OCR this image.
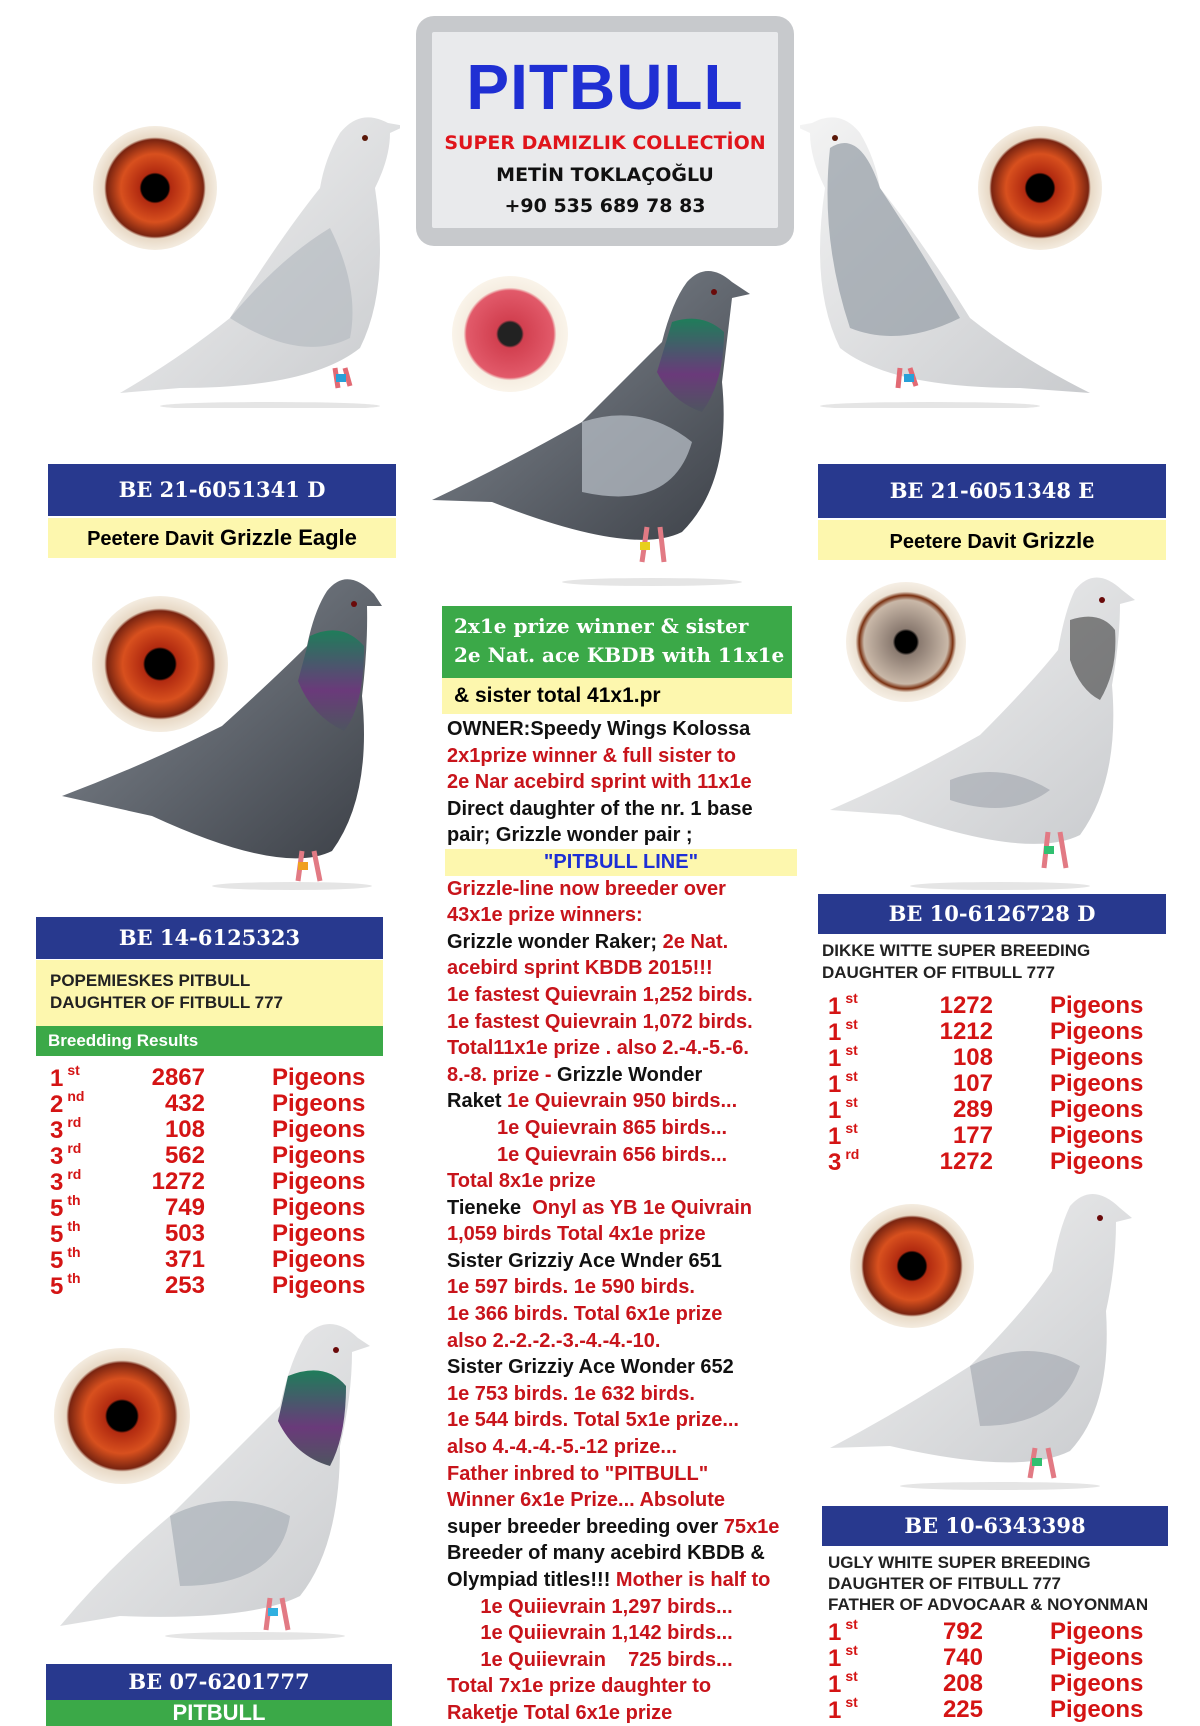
PITBULL
SUPER DAMIZLIK COLLECTİON
METİN TOKLAÇOĞLU
+90 535 689 78 83
BE 21-6051341 D
Peetere Davit Grizzle Eagle
BE 21-6051348 E
Peetere Davit Grizzle
BE 14-6125323
POPEMIESKES PITBULL
DAUGHTER OF FITBULL 777
Breedding Results
1 $^{st}$	2867	Pigeons
2 $^{nd}$	432	Pigeons
3 $^{rd}$	108	Pigeons
3 $^{rd}$	562	Pigeons
3 $^{rd}$	1272	Pigeons
5 $^{th}$	749	Pigeons
5 $^{th}$	503	Pigeons
5 $^{th}$	371	Pigeons
5 $^{th}$	253	Pigeons
2x1e prize winner & sister
2e Nat. ace KBDB with 11x1e
& sister total 41x1.pr
OWNER:Speedy Wings Kolossa
2x1prize winner & full sister to
2e Nar acebird sprint with 11x1e
Direct daughter of the nr. 1 base
pair; Grizzle wonder pair ;
"PITBULL LINE"
Grizzle-line now breeder over
43x1e prize winners:
Grizzle wonder Raker; 2e Nat.
acebird sprint KBDB 2015!!!
1e fastest Quievrain 1,252 birds.
1e fastest Quievrain 1,072 birds.
Total11x1e prize . also 2.-4.-5.-6.
8.-8. prize - Grizzle Wonder
Raket 1e Quievrain 950 birds...
1e Quievrain 865 birds...
1e Quievrain 656 birds...
Total 8x1e prize
Tieneke  Onyl as YB 1e Quivrain
1,059 birds Total 4x1e prize
Sister Grizziy Ace Wnder 651
1e 597 birds. 1e 590 birds.
1e 366 birds. Total 6x1e prize
also 2.-2.-2.-3.-4.-4.-10.
Sister Grizziy Ace Wonder 652
1e 753 birds. 1e 632 birds.
1e 544 birds. Total 5x1e prize...
also 4.-4.-4.-5.-12 prize...
Father inbred to "PITBULL"
Winner 6x1e Prize... Absolute
super breeder breeding over 75x1e
Breeder of many acebird KBDB &
Olympiad titles!!! Mother is half to
1e Quiievrain 1,297 birds...
1e Quiievrain 1,142 birds...
1e Quiievrain    725 birds...
Total 7x1e prize daughter to
Raketje Total 6x1e prize
BE 10-6126728 D
DIKKE WITTE SUPER BREEDING
DAUGHTER OF FITBULL 777
1 $^{st}$	1272 Pigeons
1 $^{st}$	1212 Pigeons
1 $^{st}$	108 Pigeons
1 $^{st}$	107 Pigeons
1 $^{st}$	289 Pigeons
1 $^{st}$	177 Pigeons
3 $^{rd}$	1272 Pigeons
BE 10-6343398
UGLY WHITE SUPER BREEDING
DAUGHTER OF FITBULL 777
FATHER OF ADVOCAAR & NOYONMAN
1 $^{st}$	792	Pigeons
1 $^{st}$	740	Pigeons
1 $^{st}$	208	Pigeons
1 $^{st}$	225	Pigeons
BE 07-6201777
PITBULL
